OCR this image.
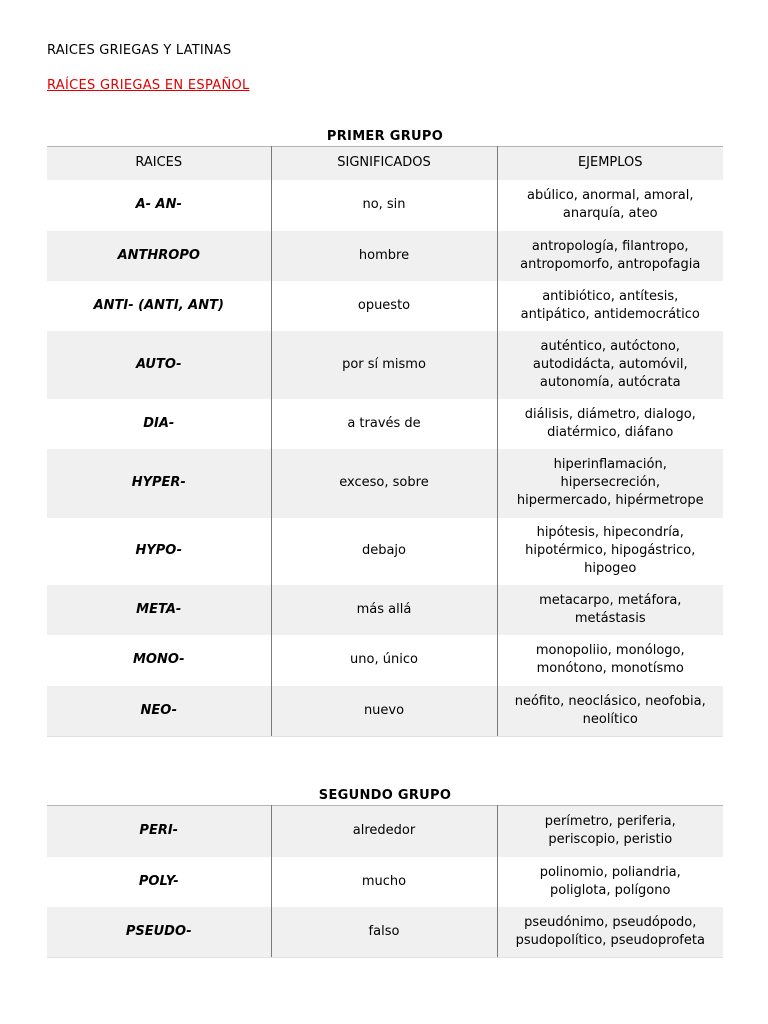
RAICES GRIEGAS Y LATINAS
RAÍCES GRIEGAS EN ESPAÑOL
PRIMER GRUPO
RAICES	SIGNIFICADOS	EJEMPLOS
A- AN-	no, sin	abúlico, anormal, amoral,
anarquía, ateo

ANTHROPO	hombre	antropología, filantropo,
antropomorfo, antropofagia

ANTI- (ANTI, ANT)	opuesto	antibiótico, antítesis,
antipático, antidemocrático

AUTO-	por sí mismo	auténtico, autóctono,
autodidácta, automóvil,
autonomía, autócrata

DIA-	a través de	diálisis, diámetro, dialogo,
diatérmico, diáfano

HYPER-	exceso, sobre	hiperinflamación,
hipersecreción,
hipermercado, hipérmetrope

HYPO-	debajo	hipótesis, hipecondría,
hipotérmico, hipogástrico,
hipogeo

META-	más allá	metacarpo, metáfora,
metástasis

MONO-	uno, único	monopoliio, monólogo,
monótono, monotísmo

NEO-	nuevo	neófito, neoclásico, neofobia,
neolítico
SEGUNDO GRUPO
PERI-	alrededor	perímetro, periferia,
periscopio, peristio

POLY-	mucho	polinomio, poliandria,
poliglota, polígono

PSEUDO-	falso	pseudónimo, pseudópodo,
psudopolítico, pseudoprofeta
